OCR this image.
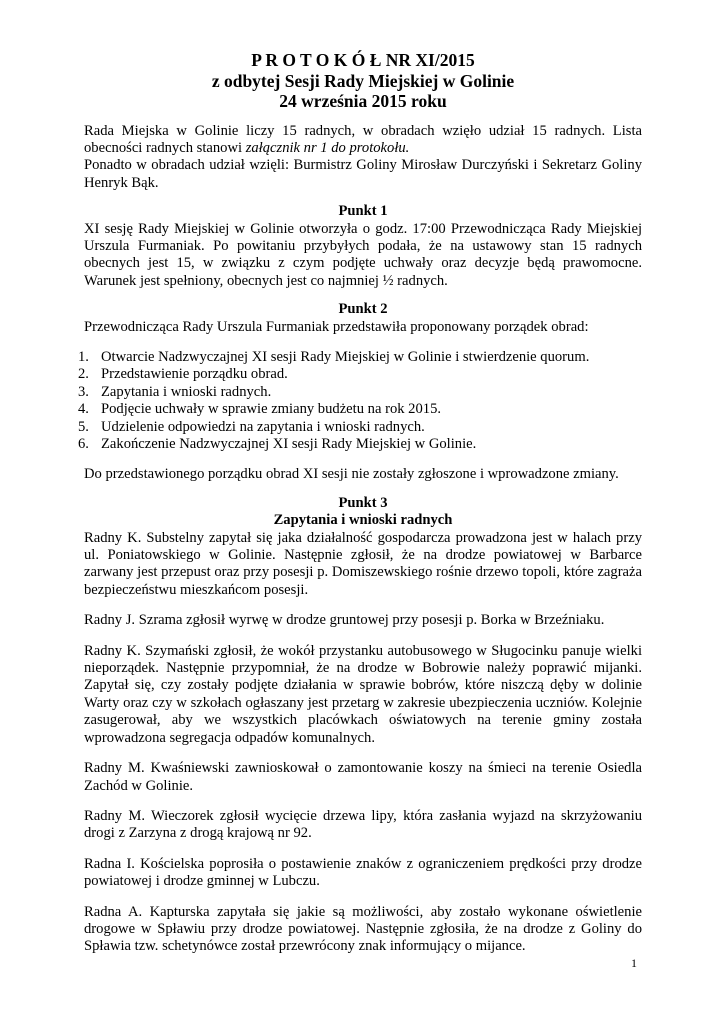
P R O T O K Ó Ł NR XI/2015

z odbytej Sesji Rady Miejskiej w Golinie

24 września 2015 roku

Rada Miejska w Golinie liczy 15 radnych, w obradach wzięło udział 15 radnych. Lista obecności radnych stanowi załącznik nr 1 do protokołu.

Ponadto w obradach udział wzięli: Burmistrz Goliny Mirosław Durczyński i Sekretarz Goliny Henryk Bąk.

Punkt 1

XI sesję Rady Miejskiej w Golinie otworzyła o godz. 17:00 Przewodnicząca Rady Miejskiej Urszula Furmaniak. Po powitaniu przybyłych podała, że na ustawowy stan 15 radnych obecnych jest 15, w związku z czym podjęte uchwały oraz decyzje będą prawomocne. Warunek jest spełniony, obecnych jest co najmniej ½ radnych.

Punkt 2

Przewodnicząca Rady Urszula Furmaniak przedstawiła proponowany porządek obrad:

1. Otwarcie Nadzwyczajnej XI sesji Rady Miejskiej w Golinie i stwierdzenie quorum.
2. Przedstawienie porządku obrad.
3. Zapytania i wnioski radnych.
4. Podjęcie uchwały w sprawie zmiany budżetu na rok 2015.
5. Udzielenie odpowiedzi na zapytania i wnioski radnych.
6. Zakończenie Nadzwyczajnej XI sesji Rady Miejskiej w Golinie.

Do przedstawionego porządku obrad XI sesji nie zostały zgłoszone i wprowadzone zmiany.

Punkt 3

Zapytania i wnioski radnych

Radny K. Substelny zapytał się jaka działalność gospodarcza prowadzona jest w halach przy ul. Poniatowskiego w Golinie. Następnie zgłosił, że na drodze powiatowej w Barbarce zarwany jest przepust oraz przy posesji p. Domiszewskiego rośnie drzewo topoli, które zagraża bezpieczeństwu mieszkańcom posesji.

Radny J. Szrama zgłosił wyrwę w drodze gruntowej przy posesji p. Borka w Brzeźniaku.

Radny K. Szymański zgłosił, że wokół przystanku autobusowego w Sługocinku panuje wielki nieporządek. Następnie przypomniał, że na drodze w Bobrowie należy poprawić mijanki. Zapytał się, czy zostały podjęte działania w sprawie bobrów, które niszczą dęby w dolinie Warty oraz czy w szkołach ogłaszany jest przetarg w zakresie ubezpieczenia uczniów. Kolejnie zasugerował, aby we wszystkich placówkach oświatowych na terenie gminy została wprowadzona segregacja odpadów komunalnych.

Radny M. Kwaśniewski zawnioskował o zamontowanie koszy na śmieci na terenie Osiedla Zachód w Golinie.

Radny M. Wieczorek zgłosił wycięcie drzewa lipy, która zasłania wyjazd na skrzyżowaniu drogi z Zarzyna z drogą krajową nr 92.

Radna I. Kościelska poprosiła o postawienie znaków z ograniczeniem prędkości przy drodze powiatowej i drodze gminnej w Lubczu.

Radna A. Kapturska zapytała się jakie są możliwości, aby zostało wykonane oświetlenie drogowe w Spławiu przy drodze powiatowej. Następnie zgłosiła, że na drodze z Goliny do Spławia tzw. schetynówce został przewrócony znak informujący o mijance.

1
